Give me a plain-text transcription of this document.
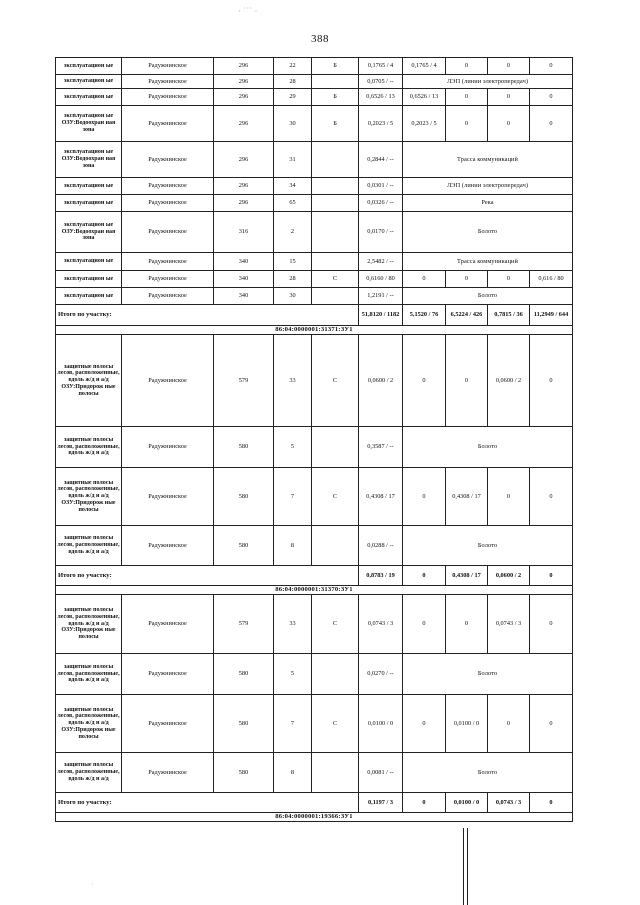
· ˙˙˙ ·
388
эксплуатацион ые	Радужнинское	296	22	Б	0,1765 / 4	0,1765 / 4	0	0	0
эксплуатацион ые	Радужнинское	296	28		0,0705 / --	ЛЭП (линии электропередач)			
эксплуатацион ые	Радужнинское	296	29	Б	0,6526 / 13	0,6526 / 13	0	0	0
эксплуатацион ые ОЗУ:Водоохран ная зона	Радужнинское	296	30	Б	0,2023 / 5	0,2023 / 5	0	0	0
эксплуатацион ые ОЗУ:Водоохран ная зона	Радужнинское	296	31		0,2844 / --	Трасса коммуникаций			
эксплуатацион ые	Радужнинское	296	34		0,0301 / --	ЛЭП (линии электропередач)			
эксплуатацион ые	Радужнинское	296	65		0,0326 / --	Река			
эксплуатацион ые ОЗУ:Водоохран ная зона	Радужнинское	316	2		0,0170 / --	Болото			
эксплуатацион ые	Радужнинское	340	15		2,5482 / --	Трасса коммуникаций			
эксплуатацион ые	Радужнинское	340	28	С	0,6160 / 80	0	0	0	0,616 / 80
эксплуатацион ые	Радужнинское	340	30		1,2191 / --	Болото			
Итого по участку:					51,8120 / 1182	5,1520 / 76	6,5224 / 426	0,7815 / 36	11,2949 / 644
86:04:0000001:31371:ЗУ1									
защитные полосы лесов, расположенные, вдоль ж/д и а/д ОЗУ:Придорож ные полосы	Радужнинское	579	33	С	0,0600 / 2	0	0	0,0600 / 2	0
защитные полосы лесов, расположенные, вдоль ж/д и а/д	Радужнинское	580	5		0,3587 / --	Болото			
защитные полосы лесов, расположенные, вдоль ж/д и а/д ОЗУ:Придорож ные полосы	Радужнинское	580	7	С	0,4308 / 17	0	0,4308 / 17	0	0
защитные полосы лесов, расположенные, вдоль ж/д и а/д	Радужнинское	580	8		0,0288 / --	Болото			
Итого по участку:					0,8783 / 19	0	0,4308 / 17	0,0600 / 2	0
86:04:0000001:31370:ЗУ1									
защитные полосы лесов, расположенные, вдоль ж/д и а/д ОЗУ:Придорож ные полосы	Радужнинское	579	33	С	0,0743 / 3	0	0	0,0743 / 3	0
защитные полосы лесов, расположенные, вдоль ж/д и а/д	Радужнинское	580	5		0,0270 / --	Болото			
защитные полосы лесов, расположенные, вдоль ж/д и а/д ОЗУ:Придорож ные полосы	Радужнинское	580	7	С	0,0100 / 0	0	0,0100 / 0	0	0
защитные полосы лесов, расположенные, вдоль ж/д и а/д	Радужнинское	580	8		0,0081 / --	Болото			
Итого по участку:					0,1197 / 3	0	0,0100 / 0	0,0743 / 3	0
86:04:0000001:19366:ЗУ1									
·
